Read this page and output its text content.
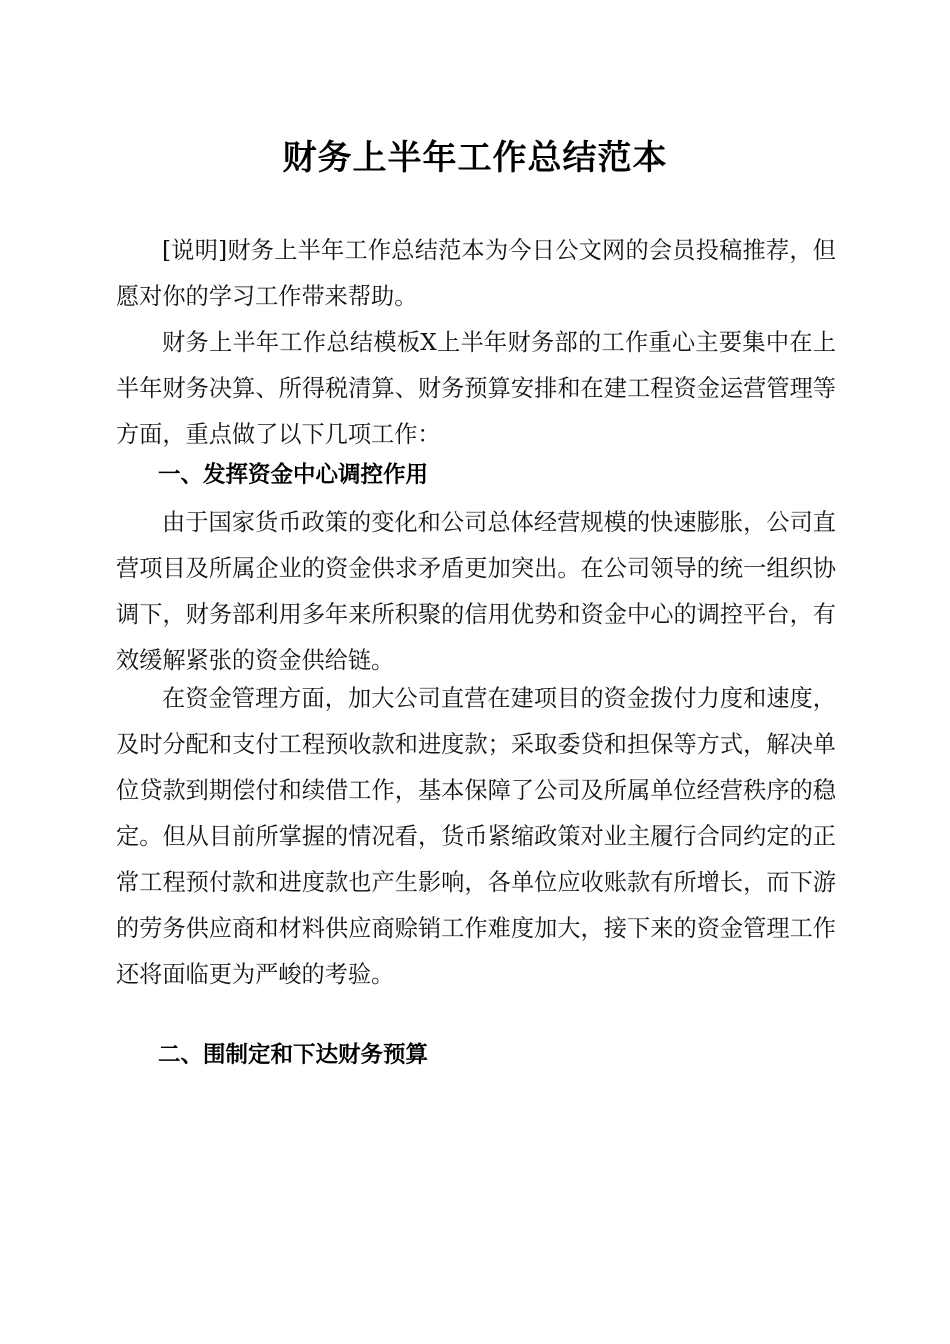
财务上半年工作总结范本

[说明]财务上半年工作总结范本为今日公文网的会员投稿推荐，但愿对你的学习工作带来帮助。

财务上半年工作总结模板X上半年财务部的工作重心主要集中在上半年财务决算、所得税清算、财务预算安排和在建工程资金运营管理等方面，重点做了以下几项工作：

一、发挥资金中心调控作用

由于国家货币政策的变化和公司总体经营规模的快速膨胀，公司直营项目及所属企业的资金供求矛盾更加突出。在公司领导的统一组织协调下，财务部利用多年来所积聚的信用优势和资金中心的调控平台，有效缓解紧张的资金供给链。

在资金管理方面，加大公司直营在建项目的资金拨付力度和速度，及时分配和支付工程预收款和进度款；采取委贷和担保等方式，解决单位贷款到期偿付和续借工作，基本保障了公司及所属单位经营秩序的稳定。但从目前所掌握的情况看，货币紧缩政策对业主履行合同约定的正常工程预付款和进度款也产生影响，各单位应收账款有所增长，而下游的劳务供应商和材料供应商赊销工作难度加大，接下来的资金管理工作还将面临更为严峻的考验。

二、围制定和下达财务预算
